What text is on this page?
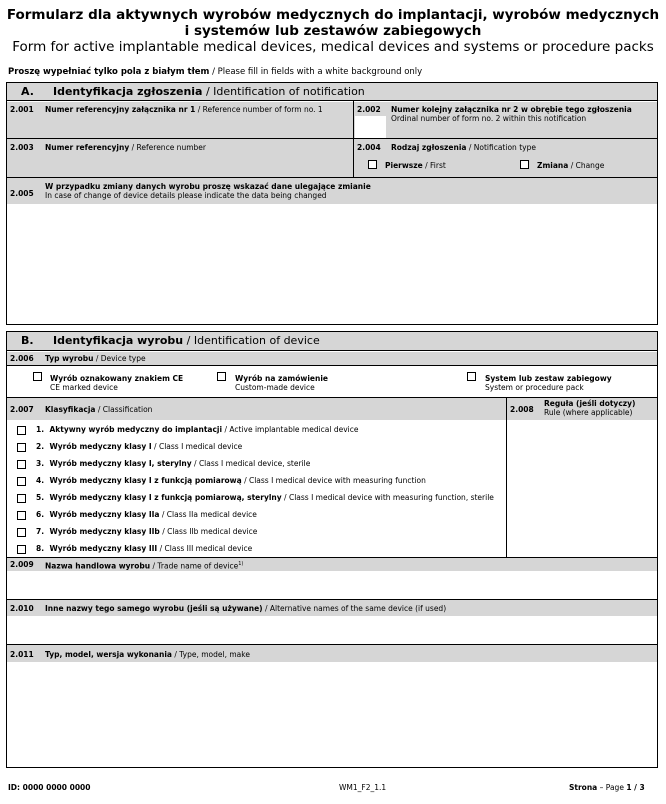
Formularz dla aktywnych wyrobów medycznych do implantacji, wyrobów medycznych
i systemów lub zestawów zabiegowych
Form for active implantable medical devices, medical devices and systems or procedure packs
Proszę wypełniać tylko pola z białym tłem / Please fill in fields with a white background only
A. Identyfikacja zgłoszenia / Identification of notification
2.001 Numer referencyjny załącznika nr 1 / Reference number of form no. 1	2.002 Numer kolejny załącznika nr 2 w obrębie tego zgłoszenia
Ordinal number of form no. 2 within this notification
2.003 Numer referencyjny / Reference number	2.004 Rodzaj zgłoszenia / Notification type
Pierwsze / First	Zmiana / Change
2.005
W przypadku zmiany danych wyrobu proszę wskazać dane ulegające zmianie
In case of change of device details please indicate the data being changed
B. Identyfikacja wyrobu / Identification of device
2.006 Typ wyrobu / Device type
Wyrób oznakowany znakiem CE
CE marked device
Wyrób na zamówienie
Custom-made device
System lub zestaw zabiegowy
System or procedure pack
2.007 Klasyfikacja / Classification	2.008
Reguła (jeśli dotyczy)
Rule (where applicable)
1. Aktywny wyrób medyczny do implantacji / Active implantable medical device
2. Wyrób medyczny klasy I / Class I medical device
3. Wyrób medyczny klasy I, sterylny / Class I medical device, sterile
4. Wyrób medyczny klasy I z funkcją pomiarową / Class I medical device with measuring function
5. Wyrób medyczny klasy I z funkcją pomiarową, sterylny / Class I medical device with measuring function, sterile
6. Wyrób medyczny klasy IIa / Class IIa medical device
7. Wyrób medyczny klasy IIb / Class IIb medical device
8. Wyrób medyczny klasy III / Class III medical device
2.009 Nazwa handlowa wyrobu / Trade name of device$^{1)}$
2.010 Inne nazwy tego samego wyrobu (jeśli są używane) / Alternative names of the same device (if used)
2.011 Typ, model, wersja wykonania / Type, model, make
ID: 0000 0000 0000	WM1_F2_1.1	Strona – Page 1 / 3
